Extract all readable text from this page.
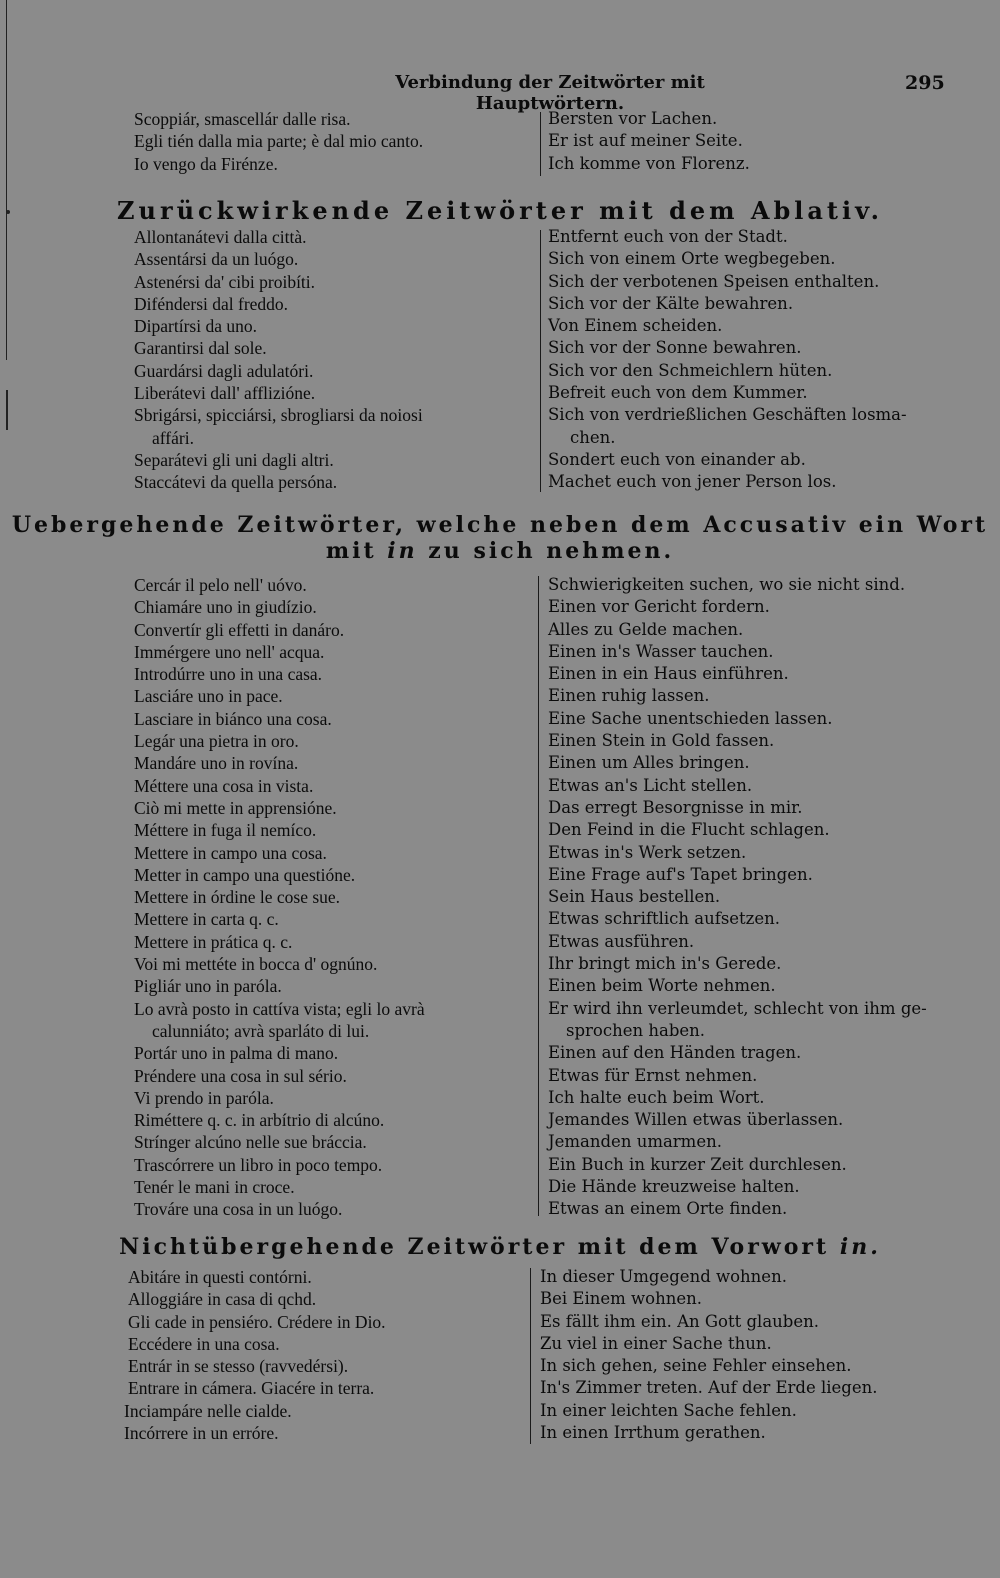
Verbindung der Zeitwörter mit Hauptwörtern.
295
Scoppiár, smascellár dalle risa.	Bersten vor Lachen.
Egli tién dalla mia parte; è dal mio canto.	Er ist auf meiner Seite.
Io vengo da Firénze.	Ich komme von Florenz.
Zurückwirkende Zeitwörter mit dem Ablativ.
Allontanátevi dalla città.	Entfernt euch von der Stadt.
Assentársi da un luógo.	Sich von einem Orte wegbegeben.
Astenérsi da' cibi proibíti.	Sich der verbotenen Speisen enthalten.
Diféndersi dal freddo.	Sich vor der Kälte bewahren.
Dipartírsi da uno.	Von Einem scheiden.
Garantirsi dal sole.	Sich vor der Sonne bewahren.
Guardársi dagli adulatóri.	Sich vor den Schmeichlern hüten.
Liberátevi dall' afflizióne.	Befreit euch von dem Kummer.
Sbrigársi, spicciársi, sbrogliarsi da noiosi	Sich von verdrießlichen Geschäften losma-
affári.	chen.
Separátevi gli uni dagli altri.	Sondert euch von einander ab.
Staccátevi da quella persóna.	Machet euch von jener Person los.
Uebergehende Zeitwörter, welche neben dem Accusativ ein Wort
mit in zu sich nehmen.
Cercár il pelo nell' uóvo.	Schwierigkeiten suchen, wo sie nicht sind.
Chiamáre uno in giudízio.	Einen vor Gericht fordern.
Convertír gli effetti in danáro.	Alles zu Gelde machen.
Immérgere uno nell' acqua.	Einen in's Wasser tauchen.
Introdúrre uno in una casa.	Einen in ein Haus einführen.
Lasciáre uno in pace.	Einen ruhig lassen.
Lasciare in biánco una cosa.	Eine Sache unentschieden lassen.
Legár una pietra in oro.	Einen Stein in Gold fassen.
Mandáre uno in rovína.	Einen um Alles bringen.
Méttere una cosa in vista.	Etwas an's Licht stellen.
Ciò mi mette in apprensióne.	Das erregt Besorgnisse in mir.
Méttere in fuga il nemíco.	Den Feind in die Flucht schlagen.
Mettere in campo una cosa.	Etwas in's Werk setzen.
Metter in campo una questióne.	Eine Frage auf's Tapet bringen.
Mettere in órdine le cose sue.	Sein Haus bestellen.
Mettere in carta q. c.	Etwas schriftlich aufsetzen.
Mettere in prática q. c.	Etwas ausführen.
Voi mi mettéte in bocca d' ognúno.	Ihr bringt mich in's Gerede.
Pigliár uno in paróla.	Einen beim Worte nehmen.
Lo avrà posto in cattíva vista; egli lo avrà	Er wird ihn verleumdet, schlecht von ihm ge-
calunniáto; avrà sparláto di lui.	sprochen haben.
Portár uno in palma di mano.	Einen auf den Händen tragen.
Préndere una cosa in sul sério.	Etwas für Ernst nehmen.
Vi prendo in paróla.	Ich halte euch beim Wort.
Riméttere q. c. in arbítrio di alcúno.	Jemandes Willen etwas überlassen.
Strínger alcúno nelle sue bráccia.	Jemanden umarmen.
Trascórrere un libro in poco tempo.	Ein Buch in kurzer Zeit durchlesen.
Tenér le mani in croce.	Die Hände kreuzweise halten.
Trováre una cosa in un luógo.	Etwas an einem Orte finden.
Nichtübergehende Zeitwörter mit dem Vorwort in.
Abitáre in questi contórni.	In dieser Umgegend wohnen.
Alloggiáre in casa di qchd.	Bei Einem wohnen.
Gli cade in pensiéro. Crédere in Dio.	Es fällt ihm ein. An Gott glauben.
Eccédere in una cosa.	Zu viel in einer Sache thun.
Entrár in se stesso (ravvedérsi).	In sich gehen, seine Fehler einsehen.
Entrare in cámera. Giacére in terra.	In's Zimmer treten. Auf der Erde liegen.
Inciampáre nelle cialde.	In einer leichten Sache fehlen.
Incórrere in un erróre.	In einen Irrthum gerathen.
